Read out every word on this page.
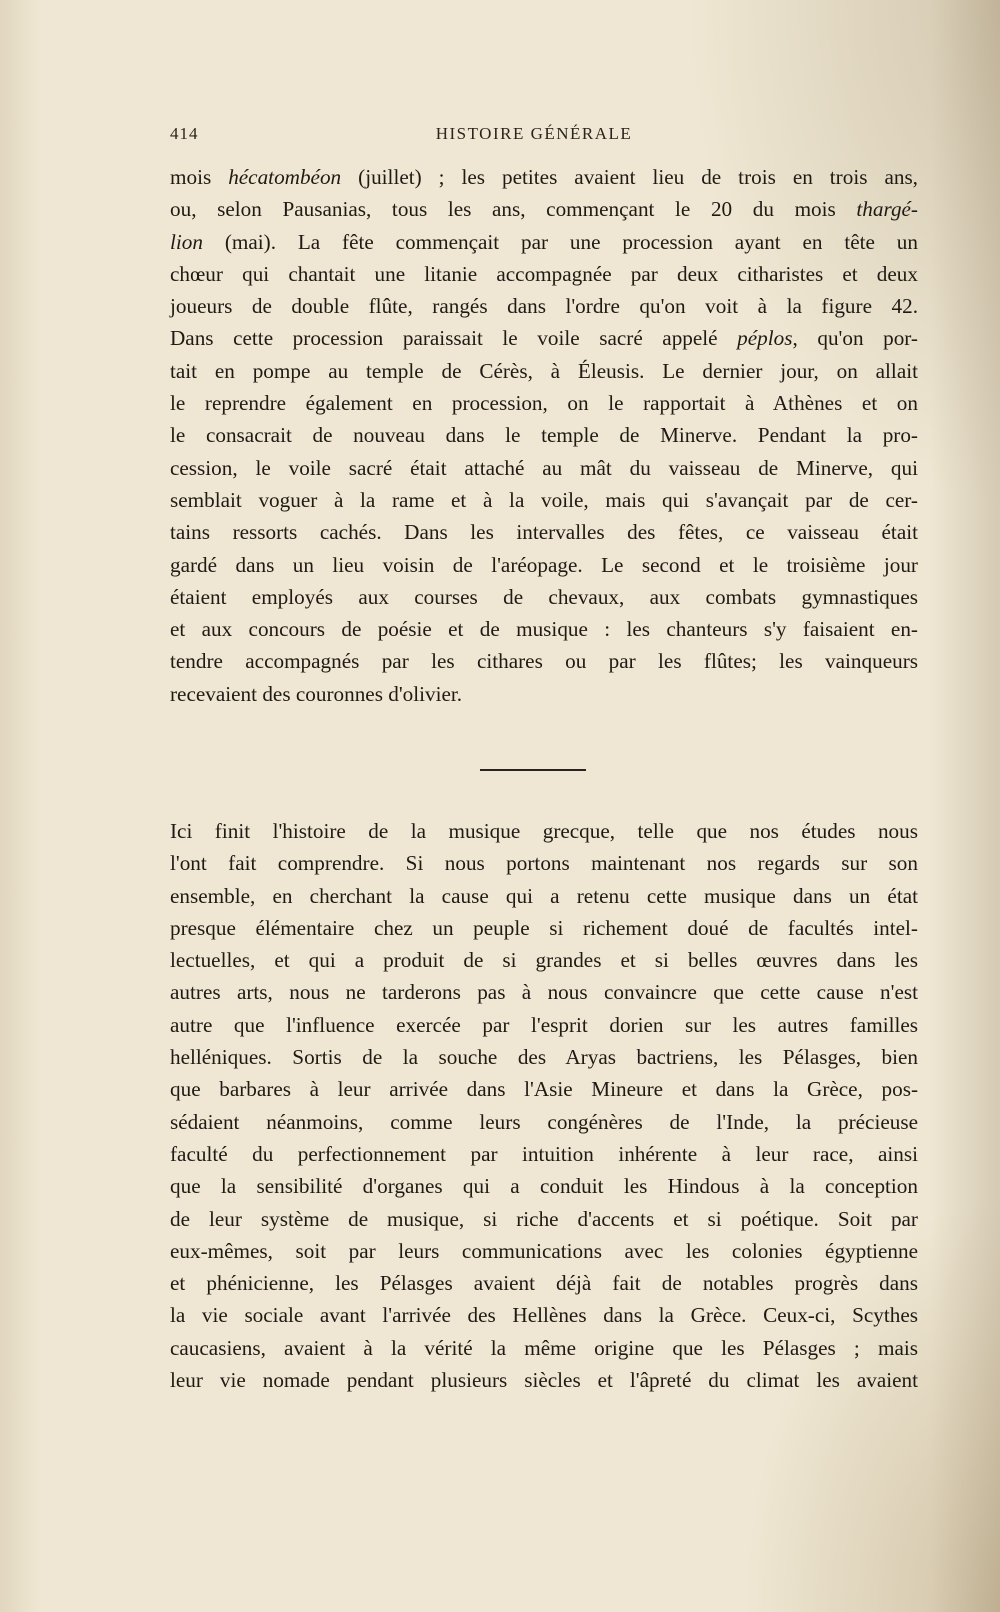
414	HISTOIRE GÉNÉRALE
mois hécatombéon (juillet) ; les petites avaient lieu de trois en trois ans,
ou, selon Pausanias, tous les ans, commençant le 20 du mois thargé-
lion (mai). La fête commençait par une procession ayant en tête un
chœur qui chantait une litanie accompagnée par deux citharistes et deux
joueurs de double flûte, rangés dans l'ordre qu'on voit à la figure 42.
Dans cette procession paraissait le voile sacré appelé péplos, qu'on por-
tait en pompe au temple de Cérès, à Éleusis. Le dernier jour, on allait
le reprendre également en procession, on le rapportait à Athènes et on
le consacrait de nouveau dans le temple de Minerve. Pendant la pro-
cession, le voile sacré était attaché au mât du vaisseau de Minerve, qui
semblait voguer à la rame et à la voile, mais qui s'avançait par de cer-
tains ressorts cachés. Dans les intervalles des fêtes, ce vaisseau était
gardé dans un lieu voisin de l'aréopage. Le second et le troisième jour
étaient employés aux courses de chevaux, aux combats gymnastiques
et aux concours de poésie et de musique : les chanteurs s'y faisaient en-
tendre accompagnés par les cithares ou par les flûtes; les vainqueurs
recevaient des couronnes d'olivier.
Ici finit l'histoire de la musique grecque, telle que nos études nous
l'ont fait comprendre. Si nous portons maintenant nos regards sur son
ensemble, en cherchant la cause qui a retenu cette musique dans un état
presque élémentaire chez un peuple si richement doué de facultés intel-
lectuelles, et qui a produit de si grandes et si belles œuvres dans les
autres arts, nous ne tarderons pas à nous convaincre que cette cause n'est
autre que l'influence exercée par l'esprit dorien sur les autres familles
helléniques. Sortis de la souche des Aryas bactriens, les Pélasges, bien
que barbares à leur arrivée dans l'Asie Mineure et dans la Grèce, pos-
sédaient néanmoins, comme leurs congénères de l'Inde, la précieuse
faculté du perfectionnement par intuition inhérente à leur race, ainsi
que la sensibilité d'organes qui a conduit les Hindous à la conception
de leur système de musique, si riche d'accents et si poétique. Soit par
eux-mêmes, soit par leurs communications avec les colonies égyptienne
et phénicienne, les Pélasges avaient déjà fait de notables progrès dans
la vie sociale avant l'arrivée des Hellènes dans la Grèce. Ceux-ci, Scythes
caucasiens, avaient à la vérité la même origine que les Pélasges ; mais
leur vie nomade pendant plusieurs siècles et l'âpreté du climat les avaient
